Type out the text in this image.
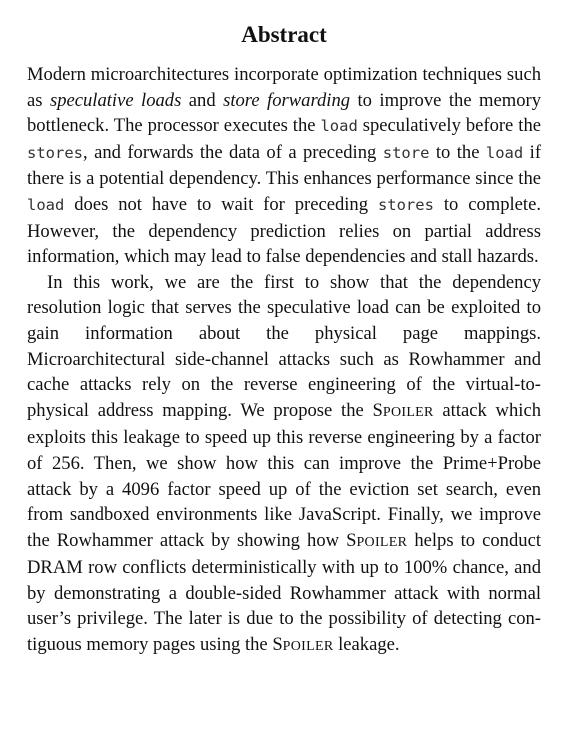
Abstract

Modern microarchitectures incorporate optimization techniques such as speculative loads and store forwarding to improve the memory bottleneck. The processor executes the load speculatively before the stores, and forwards the data of a preceding store to the load if there is a potential dependency. This enhances performance since the load does not have to wait for preceding stores to complete. However, the dependency prediction relies on partial address information, which may lead to false dependencies and stall hazards.

In this work, we are the first to show that the dependency resolution logic that serves the speculative load can be exploited to gain information about the physical page mappings. Microarchitectural side-channel attacks such as Rowhammer and cache attacks rely on the reverse engineering of the virtual-to-physical address mapping. We propose the SPOILER attack which exploits this leakage to speed up this reverse engineering by a factor of 256. Then, we show how this can improve the Prime+Probe attack by a 4096 factor speed up of the eviction set search, even from sandboxed environments like JavaScript. Finally, we improve the Rowhammer attack by showing how SPOILER helps to conduct DRAM row conflicts deterministically with up to 100% chance, and by demonstrating a double-sided Rowhammer attack with normal user’s privilege. The later is due to the possibility of detecting contiguous memory pages using the SPOILER leakage.
